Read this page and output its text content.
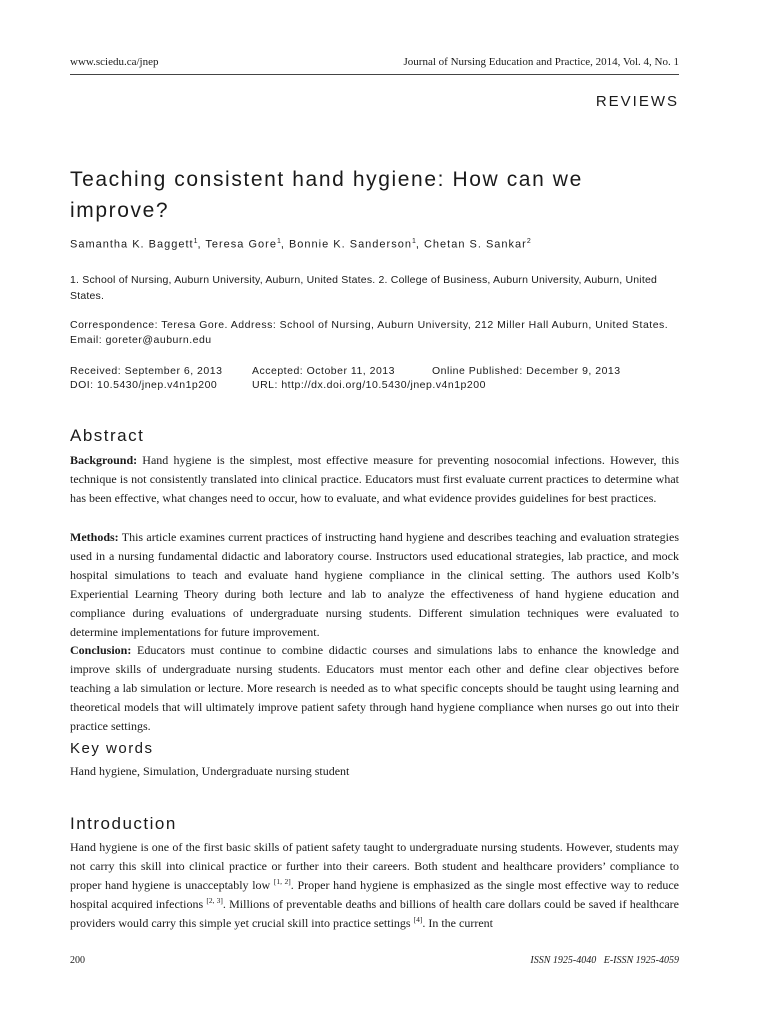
www.sciedu.ca/jnep	Journal of Nursing Education and Practice, 2014, Vol. 4, No. 1
REVIEWS
Teaching consistent hand hygiene: How can we improve?
Samantha K. Baggett$^1$, Teresa Gore$^1$, Bonnie K. Sanderson$^1$, Chetan S. Sankar$^2$
1. School of Nursing, Auburn University, Auburn, United States. 2. College of Business, Auburn University, Auburn, United States.
Correspondence: Teresa Gore. Address: School of Nursing, Auburn University, 212 Miller Hall Auburn, United States.
Email: goreter@auburn.edu
Received: September 6, 2013	Accepted: October 11, 2013	Online Published: December 9, 2013
DOI: 10.5430/jnep.v4n1p200	URL: http://dx.doi.org/10.5430/jnep.v4n1p200
Abstract

Background: Hand hygiene is the simplest, most effective measure for preventing nosocomial infections. However, this technique is not consistently translated into clinical practice. Educators must first evaluate current practices to determine what has been effective, what changes need to occur, how to evaluate, and what evidence provides guidelines for best practices.

Methods: This article examines current practices of instructing hand hygiene and describes teaching and evaluation strategies used in a nursing fundamental didactic and laboratory course. Instructors used educational strategies, lab practice, and mock hospital simulations to teach and evaluate hand hygiene compliance in the clinical setting. The authors used Kolb’s Experiential Learning Theory during both lecture and lab to analyze the effectiveness of hand hygiene education and compliance during evaluations of undergraduate nursing students. Different simulation techniques were evaluated to determine implementations for future improvement.

Conclusion: Educators must continue to combine didactic courses and simulations labs to enhance the knowledge and improve skills of undergraduate nursing students. Educators must mentor each other and define clear objectives before teaching a lab simulation or lecture. More research is needed as to what specific concepts should be taught using learning and theoretical models that will ultimately improve patient safety through hand hygiene compliance when nurses go out into their practice settings.

Key words

Hand hygiene, Simulation, Undergraduate nursing student

Introduction

Hand hygiene is one of the first basic skills of patient safety taught to undergraduate nursing students. However, students may not carry this skill into clinical practice or further into their careers. Both student and healthcare providers’ compliance to proper hand hygiene is unacceptably low [1, 2]. Proper hand hygiene is emphasized as the single most effective way to reduce hospital acquired infections [2, 3]. Millions of preventable deaths and billions of health care dollars could be saved if healthcare providers would carry this simple yet crucial skill into practice settings [4]. In the current

200	ISSN 1925-4040   E-ISSN 1925-4059
